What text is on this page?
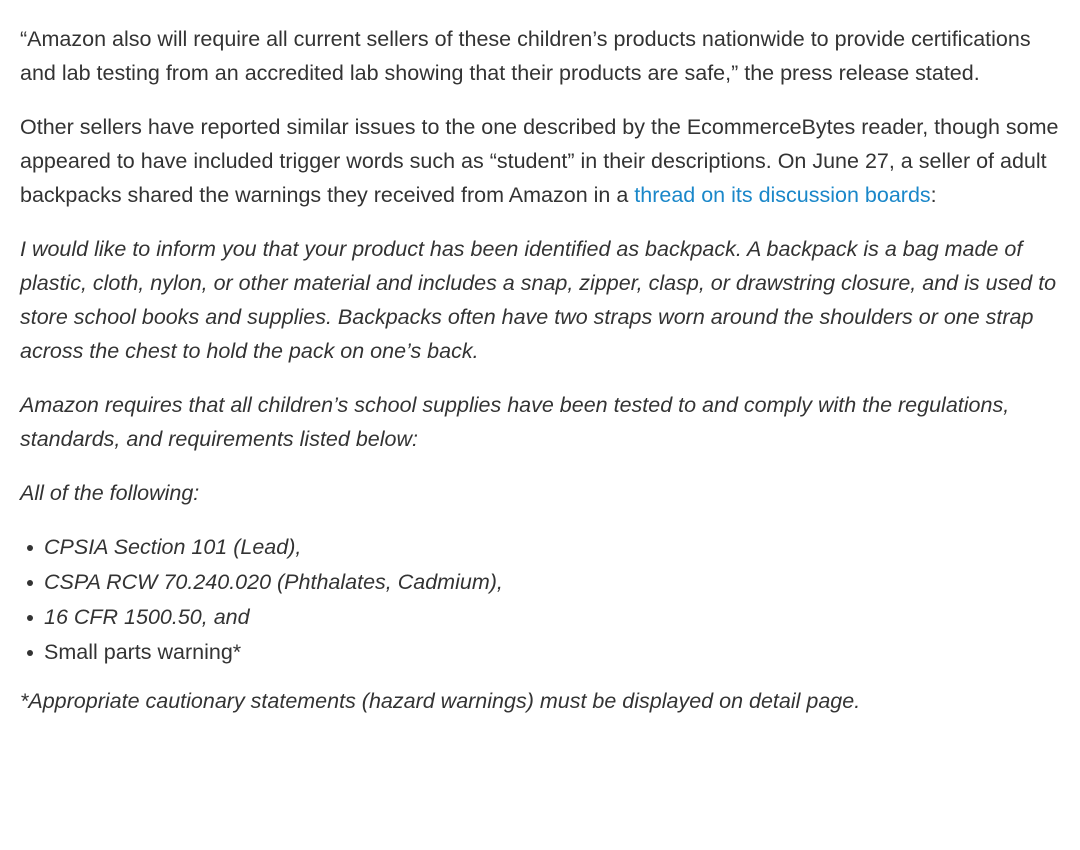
“Amazon also will require all current sellers of these children’s products nationwide to provide certifications and lab testing from an accredited lab showing that their products are safe,” the press release stated.

Other sellers have reported similar issues to the one described by the EcommerceBytes reader, though some appeared to have included trigger words such as “student” in their descriptions. On June 27, a seller of adult backpacks shared the warnings they received from Amazon in a thread on its discussion boards:

I would like to inform you that your product has been identified as backpack. A backpack is a bag made of plastic, cloth, nylon, or other material and includes a snap, zipper, clasp, or drawstring closure, and is used to store school books and supplies. Backpacks often have two straps worn around the shoulders or one strap across the chest to hold the pack on one’s back.

Amazon requires that all children’s school supplies have been tested to and comply with the regulations, standards, and requirements listed below:

All of the following:

CPSIA Section 101 (Lead),
CSPA RCW 70.240.020 (Phthalates, Cadmium),
16 CFR 1500.50, and
Small parts warning*

*Appropriate cautionary statements (hazard warnings) must be displayed on detail page.
